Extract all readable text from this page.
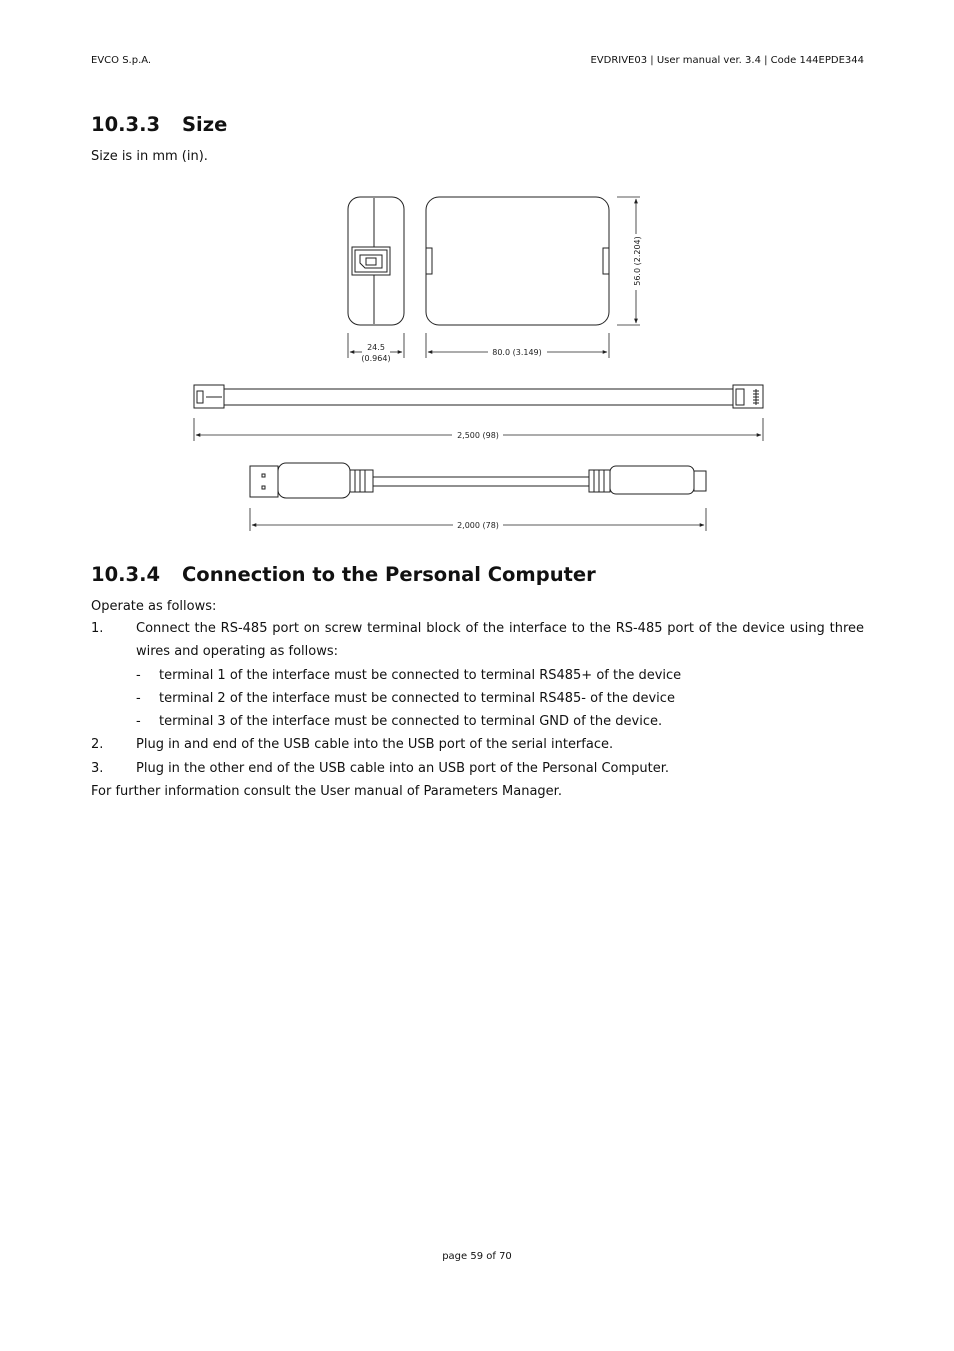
EVCO S.p.A.	EVDRIVE03 | User manual ver. 3.4 | Code 144EPDE344
10.3.3 Size

Size is in mm (in).

56.0 (2.204)
24.5
(0.964)
80.0 (3.149)
2,500 (98)
2,000 (78)
10.3.4 Connection to the Personal Computer

Operate as follows:

1.	Connect the RS-485 port on screw terminal block of the interface to the RS-485 port of the device using three wires and operating as follows:
-	terminal 1 of the interface must be connected to terminal RS485+ of the device
-	terminal 2 of the interface must be connected to terminal RS485- of the device
-	terminal 3 of the interface must be connected to terminal GND of the device.
2.	Plug in and end of the USB cable into the USB port of the serial interface.
3.	Plug in the other end of the USB cable into an USB port of the Personal Computer.
For further information consult the User manual of Parameters Manager.
page 59 of 70
